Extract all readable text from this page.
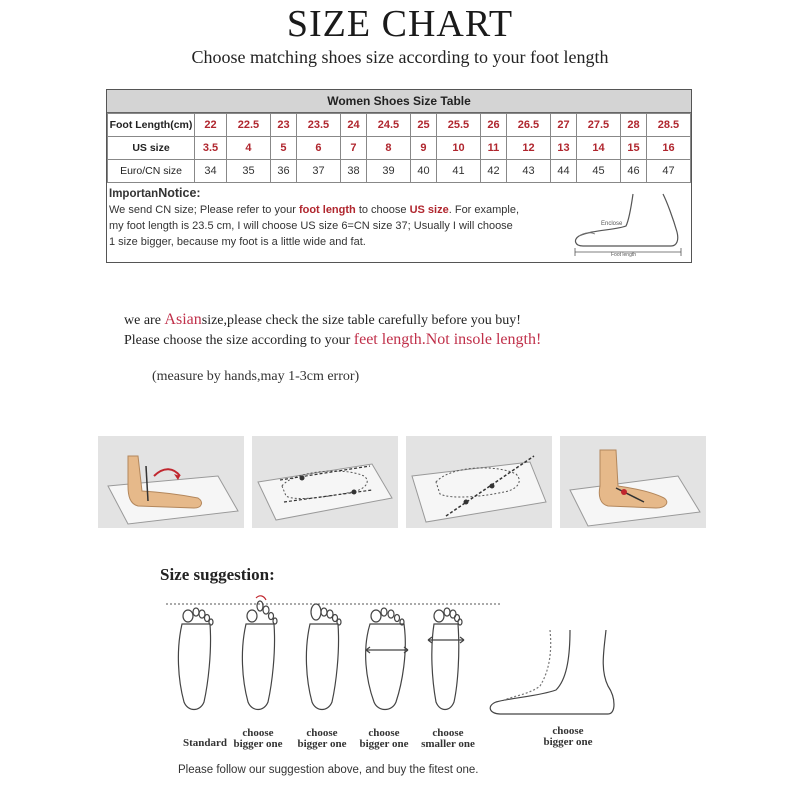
SIZE CHART
Choose matching shoes size according to your foot length
Women Shoes Size Table
Foot Length(cm)	22	22.5	23	23.5	24	24.5	25	25.5	26	26.5	27	27.5	28	28.5
US size	3.5	4	5	6	7	8	9	10	11	12	13	14	15	16
Euro/CN size	34	35	36	37	38	39	40	41	42	43	44	45	46	47
ImportanNotice:
We send CN size; Please refer to your foot length to choose US size. For example,
my foot length is 23.5 cm, I will choose US size 6=CN size 37; Usually I will choose
1 size bigger, because my foot is a little wide and fat.
Enclose
Foot length
we are Asiansize,please check the size table carefully before you buy!
Please choose the size according to your feet length.Not insole length!
(measure by hands,may 1-3cm error)
Size suggestion:
Standard
choose
bigger one
choose
bigger one
choose
bigger one
choose
smaller one
choose
bigger one
Please follow our suggestion above, and buy the fitest one.
